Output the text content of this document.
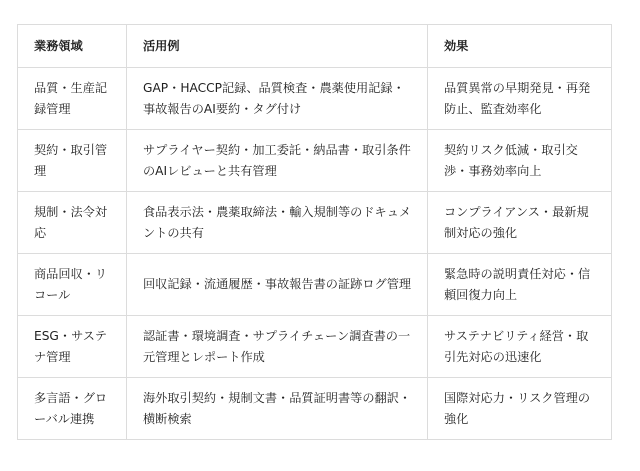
業務領域	活用例	効果
品質・生産記録管理	GAP・HACCP記録、品質検査・農薬使用記録・事故報告のAI要約・タグ付け	品質異常の早期発見・再発防止、監査効率化
契約・取引管理	サプライヤー契約・加工委託・納品書・取引条件のAIレビューと共有管理	契約リスク低減・取引交渉・事務効率向上
規制・法令対応	食品表示法・農薬取締法・輸入規制等のドキュメントの共有	コンプライアンス・最新規制対応の強化
商品回収・リコール	回収記録・流通履歴・事故報告書の証跡ログ管理	緊急時の説明責任対応・信頼回復力向上
ESG・サステナ管理	認証書・環境調査・サプライチェーン調査書の一元管理とレポート作成	サステナビリティ経営・取引先対応の迅速化
多言語・グローバル連携	海外取引契約・規制文書・品質証明書等の翻訳・横断検索	国際対応力・リスク管理の強化
